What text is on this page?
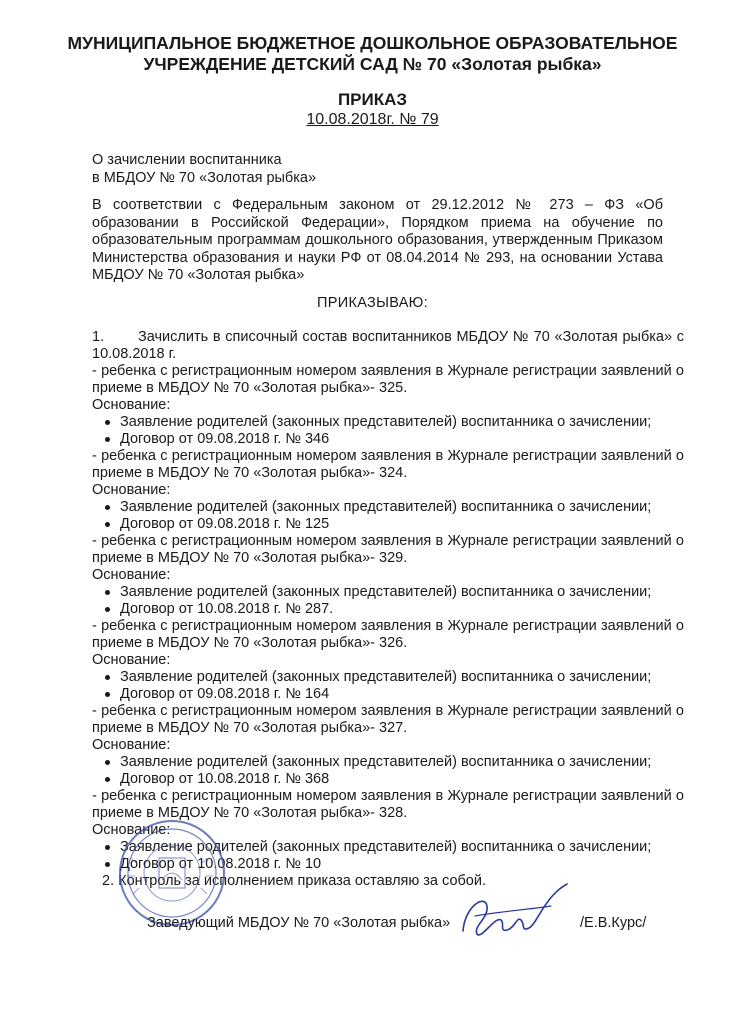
МУНИЦИПАЛЬНОЕ БЮДЖЕТНОЕ ДОШКОЛЬНОЕ ОБРАЗОВАТЕЛЬНОЕ
УЧРЕЖДЕНИЕ ДЕТСКИЙ САД № 70 «Золотая рыбка»
ПРИКАЗ
10.08.2018г. № 79
О зачислении воспитанника
в МБДОУ № 70 «Золотая рыбка»
В соответствии с Федеральным законом от 29.12.2012 № 273 – ФЗ «Об образовании в Российской Федерации», Порядком приема на обучение по образовательным программам дошкольного образования, утвержденным Приказом Министерства образования и науки РФ от 08.04.2014 № 293, на основании Устава МБДОУ № 70 «Золотая рыбка»
ПРИКАЗЫВАЮ:
1. Зачислить в списочный состав воспитанников МБДОУ № 70 «Золотая рыбка» с 10.08.2018 г.
- ребенка с регистрационным номером заявления в Журнале регистрации заявлений о приеме в МБДОУ № 70 «Золотая рыбка»- 325.
Основание:
Заявление родителей (законных представителей) воспитанника о зачислении;
Договор от 09.08.2018 г. № 346
- ребенка с регистрационным номером заявления в Журнале регистрации заявлений о приеме в МБДОУ № 70 «Золотая рыбка»- 324.
Основание:
Заявление родителей (законных представителей) воспитанника о зачислении;
Договор от 09.08.2018 г. № 125
- ребенка с регистрационным номером заявления в Журнале регистрации заявлений о приеме в МБДОУ № 70 «Золотая рыбка»- 329.
Основание:
Заявление родителей (законных представителей) воспитанника о зачислении;
Договор от 10.08.2018 г. № 287.
- ребенка с регистрационным номером заявления в Журнале регистрации заявлений о приеме в МБДОУ № 70 «Золотая рыбка»- 326.
Основание:
Заявление родителей (законных представителей) воспитанника о зачислении;
Договор от 09.08.2018 г. № 164
- ребенка с регистрационным номером заявления в Журнале регистрации заявлений о приеме в МБДОУ № 70 «Золотая рыбка»- 327.
Основание:
Заявление родителей (законных представителей) воспитанника о зачислении;
Договор от 10.08.2018 г. № 368
- ребенка с регистрационным номером заявления в Журнале регистрации заявлений о приеме в МБДОУ № 70 «Золотая рыбка»- 328.
Основание:
Заявление родителей (законных представителей) воспитанника о зачислении;
Договор от 10.08.2018 г. № 10
2. Контроль за исполнением приказа оставляю за собой.
Заведующий МБДОУ № 70 «Золотая рыбка»	/Е.В.Курс/
